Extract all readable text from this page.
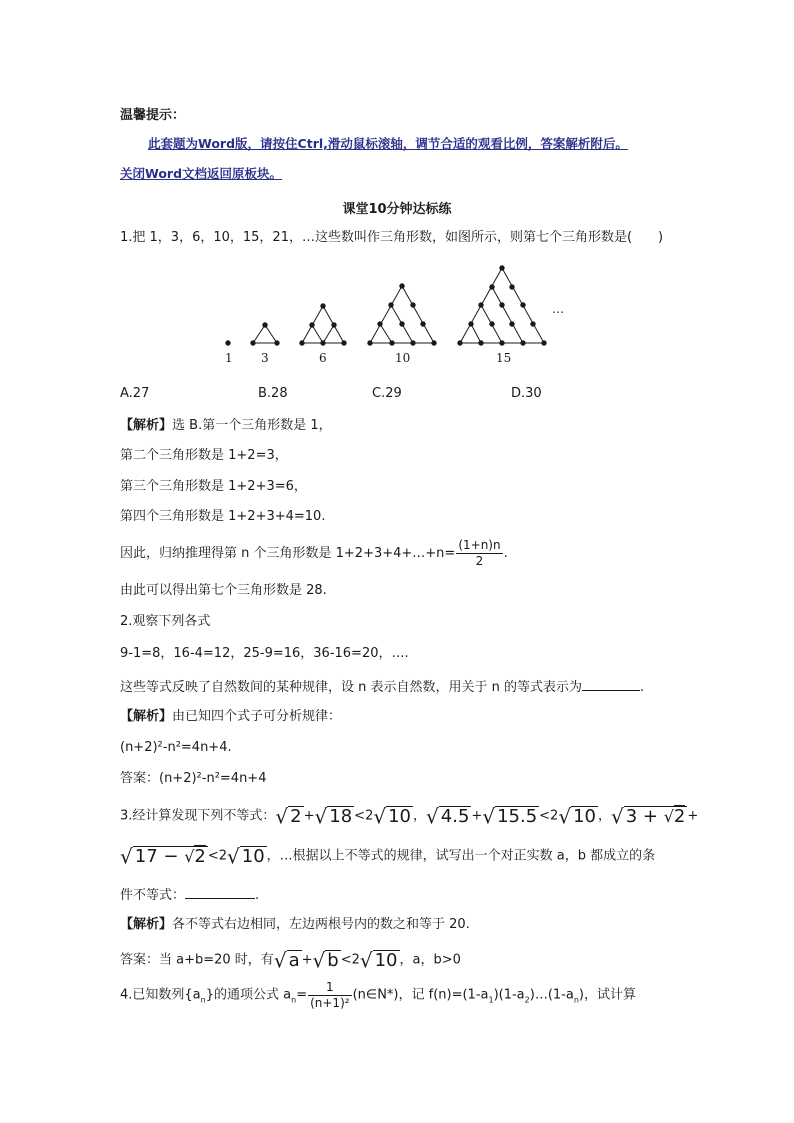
温馨提示：
此套题为Word版，请按住Ctrl,滑动鼠标滚轴，调节合适的观看比例，答案解析附后。
关闭Word文档返回原板块。
课堂10分钟达标练
1.把 1，3，6，10，15，21，…这些数叫作三角形数，如图所示，则第七个三角形数是(　　)
1 3	6	10	15
…
A.27	B.28	C.29	D.30
【解析】选 B.第一个三角形数是 1，
第二个三角形数是 1+2=3，
第三个三角形数是 1+2+3=6，
第四个三角形数是 1+2+3+4=10.
因此，归纳推理得第 n 个三角形数是 1+2+3+4+…+n= $\frac{(1+n)n}{2}$ .
由此可以得出第七个三角形数是 28.
2.观察下列各式
9-1=8，16-4=12，25-9=16，36-16=20，….
这些等式反映了自然数间的某种规律，设 n 表示自然数，用关于 n 的等式表示为	.
【解析】由已知四个式子可分析规律：
(n+2)²-n²=4n+4.
答案：(n+2)²-n²=4n+4
3.经计算发现下列不等式：√ 2 +√ 18 <2√ 10 ，√ 4.5 +√ 15.5 <2√ 10 ，√ 3 + √2 +
√ 17 − √2 <2√ 10 ，…根据以上不等式的规律，试写出一个对正实数 a，b 都成立的条
件不等式：	.
【解析】各不等式右边相同，左边两根号内的数之和等于 20.
答案：当 a+b=20 时，有√ a +√ b <2√ 10 ，a，b>0
4.已知数列$\{a_n\}$的通项公式 $a_n= \frac{1}{\text{(n+1)²}}$ (n∈N*)，记 $f(n)=(1-a_1)(1-a_2)\dots(1-a_n)$，试计算
